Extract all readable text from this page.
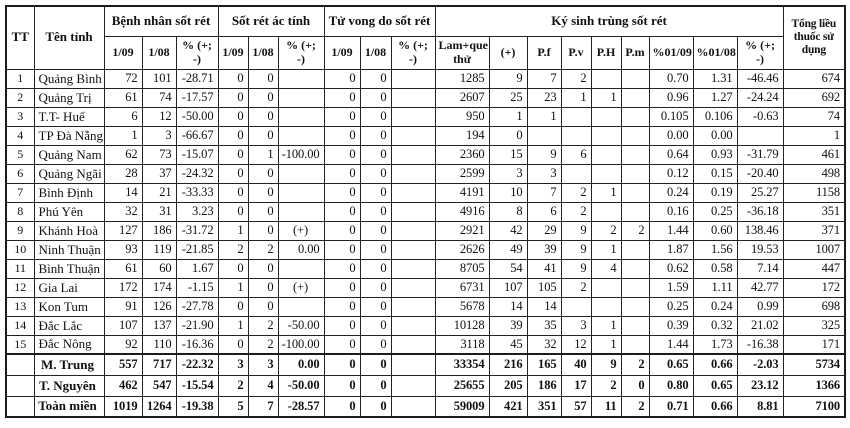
TT	Tên tỉnh	Bệnh nhân sốt rét			Sốt rét ác tính			Tử vong do sốt rét			Ký sinh trùng sốt rét									Tổng liều thuốc sử dụng
		1/09	1/08	% (+; -)	1/09	1/08	% (+; -)	1/09	1/08	% (+; -)	Lam+que thử	(+)	P.f	P.v	P.H	P.m	%01/09	%01/08	% (+; -)	
1	Quảng Bình	72	101	-28.71	0	0		0	0		1285	9	7	2			0.70	1.31	-46.46	674
2	Quảng Trị	61	74	-17.57	0	0		0	0		2607	25	23	1	1		0.96	1.27	-24.24	692
3	T.T- Huế	6	12	-50.00	0	0		0	0		950	1	1				0.105	0.106	-0.63	74
4	TP Đà Nẵng	1	3	-66.67	0	0		0	0		194	0					0.00	0.00		1
5	Quảng Nam	62	73	-15.07	0	1	-100.00	0	0		2360	15	9	6			0.64	0.93	-31.79	461
6	Quảng Ngãi	28	37	-24.32	0	0		0	0		2599	3	3				0.12	0.15	-20.40	498
7	Bình Định	14	21	-33.33	0	0		0	0		4191	10	7	2	1		0.24	0.19	25.27	1158
8	Phú Yên	32	31	3.23	0	0		0	0		4916	8	6	2			0.16	0.25	-36.18	351
9	Khánh Hoà	127	186	-31.72	1	0	(+)	0	0		2921	42	29	9	2	2	1.44	0.60	138.46	371
10	Ninh Thuận	93	119	-21.85	2	2	0.00	0	0		2626	49	39	9	1		1.87	1.56	19.53	1007
11	Bình Thuận	61	60	1.67	0	0		0	0		8705	54	41	9	4		0.62	0.58	7.14	447
12	Gia Lai	172	174	-1.15	1	0	(+)	0	0		6731	107	105	2			1.59	1.11	42.77	172
13	Kon Tum	91	126	-27.78	0	0		0	0		5678	14	14				0.25	0.24	0.99	698
14	Đắc Lắc	107	137	-21.90	1	2	-50.00	0	0		10128	39	35	3	1		0.39	0.32	21.02	325
15	Đắc Nông	92	110	-16.36	0	2	-100.00	0	0		3118	45	32	12	1		1.44	1.73	-16.38	171
	M. Trung	557	717	-22.32	3	3	0.00	0	0		33354	216	165	40	9	2	0.65	0.66	-2.03	5734
	T. Nguyên	462	547	-15.54	2	4	-50.00	0	0		25655	205	186	17	2	0	0.80	0.65	23.12	1366
	Toàn miền	1019	1264	-19.38	5	7	-28.57	0	0		59009	421	351	57	11	2	0.71	0.66	8.81	7100
